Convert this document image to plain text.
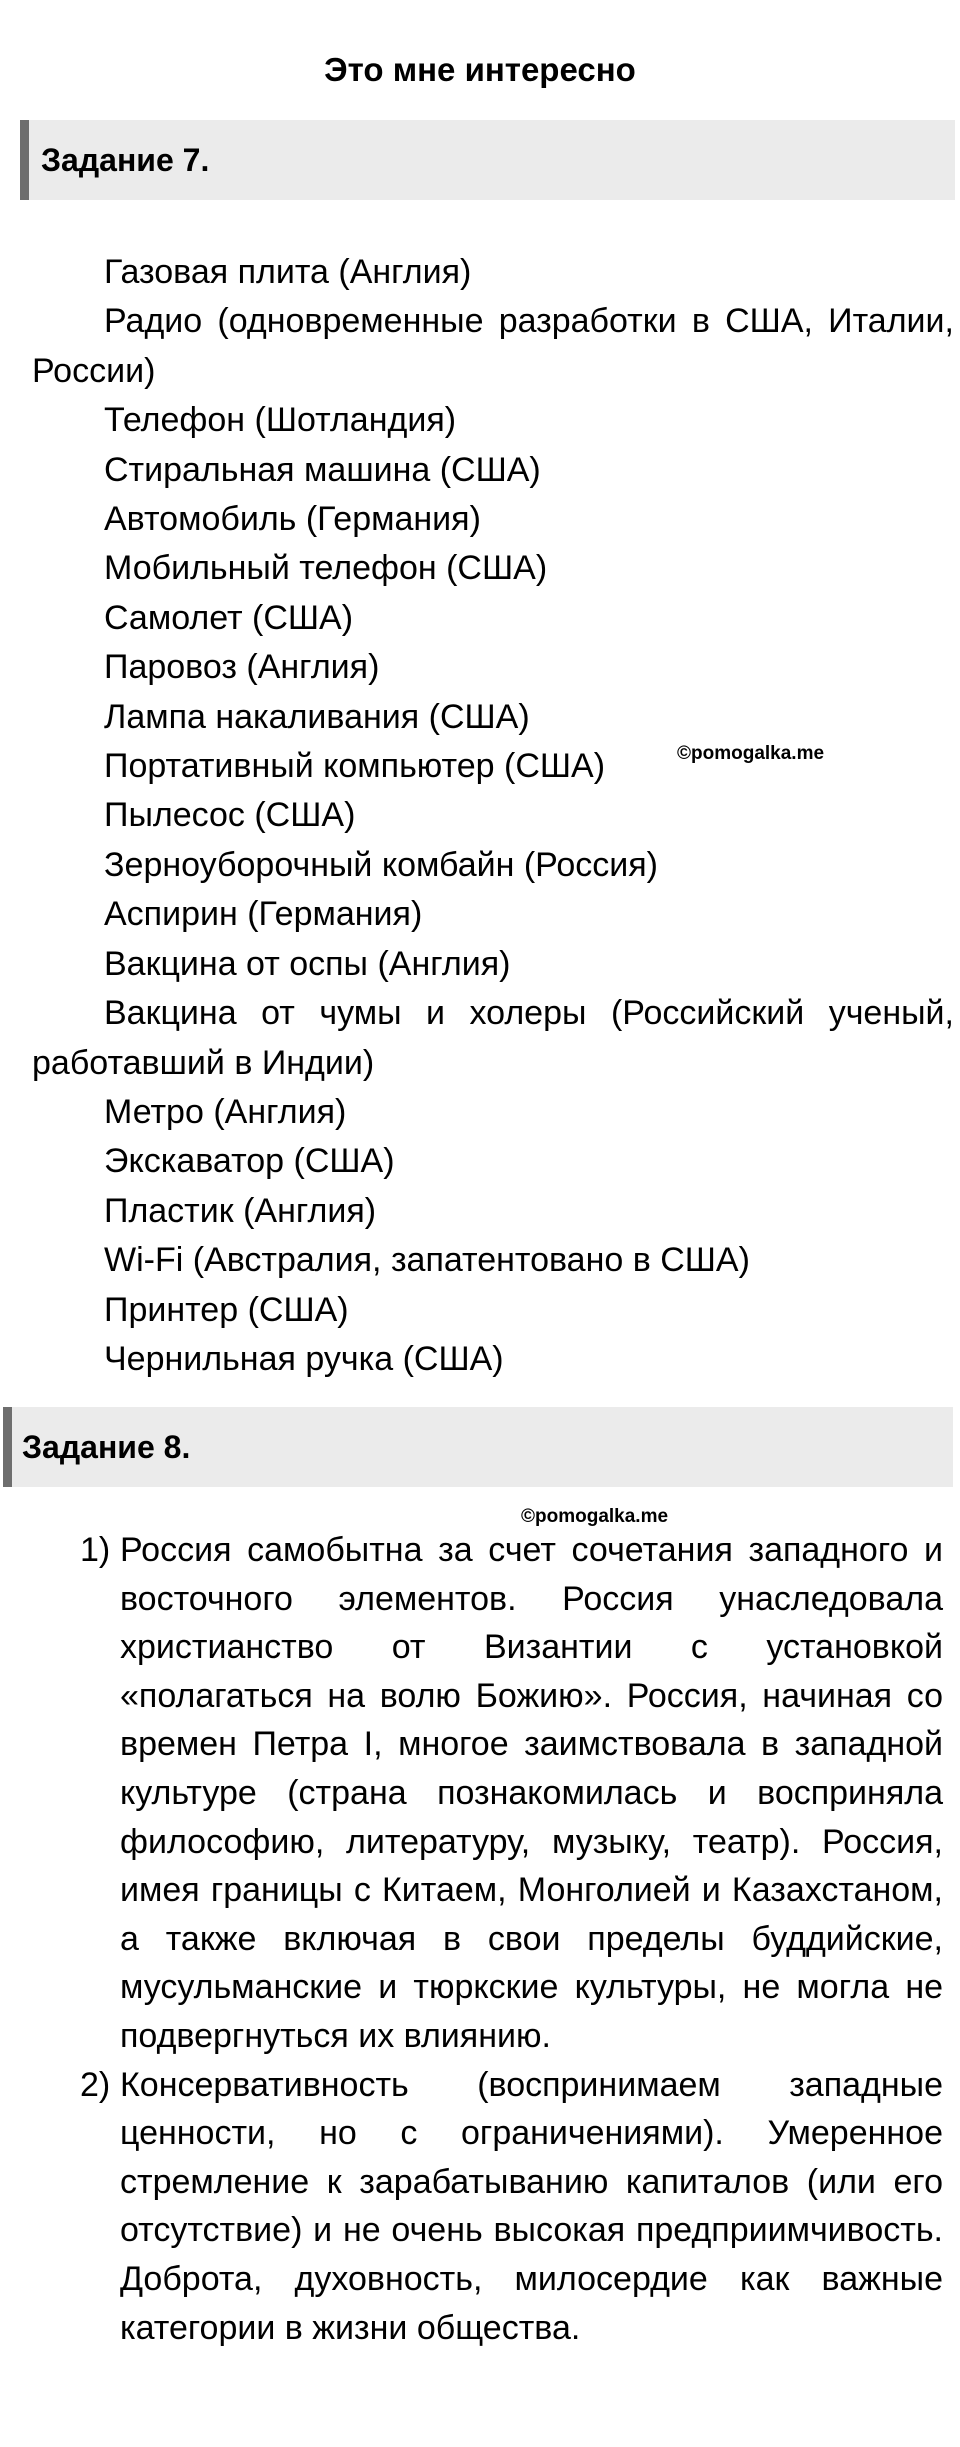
Это мне интересно
Задание 7.
Газовая плита (Англия)
Радио (одновременные разработки в США, Италии, России)
Телефон (Шотландия)
Стиральная машина (США)
Автомобиль (Германия)
Мобильный телефон (США)
Самолет (США)
Паровоз (Англия)
Лампа накаливания (США)
Портативный компьютер (США)
Пылесос (США)
Зерноуборочный комбайн (Россия)
Аспирин (Германия)
Вакцина от оспы (Англия)
Вакцина от чумы и холеры (Российский ученый, работавший в Индии)
Метро (Англия)
Экскаватор (США)
Пластик (Англия)
Wi-Fi (Австралия, запатентовано в США)
Принтер (США)
Чернильная ручка (США)
©pomogalka.me
Задание 8.
©pomogalka.me
1) Россия самобытна за счет сочетания западного и восточного элементов. Россия унаследовала христианство от Византии с установкой «полагаться на волю Божию». Россия, начиная со времен Петра I, многое заимствовала в западной культуре (страна познакомилась и восприняла философию, литературу, музыку, театр). Россия, имея границы с Китаем, Монголией и Казахстаном, а также включая в свои пределы буддийские, мусульманские и тюркские культуры, не могла не подвергнуться их влиянию.
2) Консервативность (воспринимаем западные ценности, но с ограничениями). Умеренное стремление к зарабатыванию капиталов (или его отсутствие) и не очень высокая предприимчивость. Доброта, духовность, милосердие как важные категории в жизни общества.
